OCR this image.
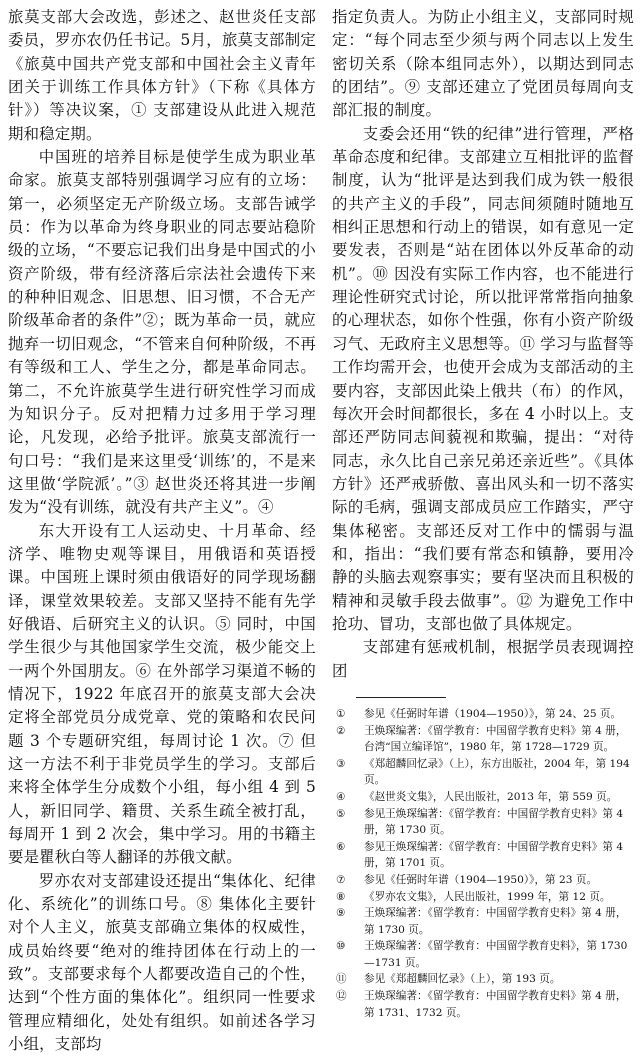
旅莫支部大会改选，彭述之、赵世炎任支部委员，罗亦农仍任书记。5月，旅莫支部制定《旅莫中国共产党支部和中国社会主义青年团关于训练工作具体方针》（下称《具体方针》）等决议案，① 支部建设从此进入规范期和稳定期。

中国班的培养目标是使学生成为职业革命家。旅莫支部特别强调学习应有的立场：第一，必须坚定无产阶级立场。支部告诫学员：作为以革命为终身职业的同志要站稳阶级的立场，“不要忘记我们出身是中国式的小资产阶级，带有经济落后宗法社会遗传下来的种种旧观念、旧思想、旧习惯，不合无产阶级革命者的条件”②；既为革命一员，就应抛弃一切旧观念，“不管来自何种阶级，不再有等级和工人、学生之分，都是革命同志。第二，不允许旅莫学生进行研究性学习而成为知识分子。反对把精力过多用于学习理论，凡发现，必给予批评。旅莫支部流行一句口号：“我们是来这里受‘训练’的，不是来这里做‘学院派’。”③ 赵世炎还将其进一步阐发为“没有训练，就没有共产主义”。④

东大开设有工人运动史、十月革命、经济学、唯物史观等课目，用俄语和英语授课。中国班上课时须由俄语好的同学现场翻译，课堂效果较差。支部又坚持不能有先学好俄语、后研究主义的认识。⑤ 同时，中国学生很少与其他国家学生交流，极少能交上一两个外国朋友。⑥ 在外部学习渠道不畅的情况下，1922 年底召开的旅莫支部大会决定将全部党员分成党章、党的策略和农民问题 3 个专题研究组，每周讨论 1 次。⑦ 但这一方法不利于非党员学生的学习。支部后来将全体学生分成数个小组，每小组 4 到 5 人，新旧同学、籍贯、关系生疏全被打乱，每周开 1 到 2 次会，集中学习。用的书籍主要是瞿秋白等人翻译的苏俄文献。

罗亦农对支部建设还提出“集体化、纪律化、系统化”的训练口号。⑧ 集体化主要针对个人主义，旅莫支部确立集体的权威性，成员始终要“绝对的维持团体在行动上的一致”。支部要求每个人都要改造自己的个性，达到“个性方面的集体化”。组织同一性要求管理应精细化，处处有组织。如前述各学习小组，支部均

指定负责人。为防止小组主义，支部同时规定：“每个同志至少须与两个同志以上发生密切关系（除本组同志外），以期达到同志的团结”。⑨ 支部还建立了党团员每周向支部汇报的制度。

支委会还用“铁的纪律”进行管理，严格革命态度和纪律。支部建立互相批评的监督制度，认为“批评是达到我们成为铁一般很的共产主义的手段”，同志间须随时随地互相纠正思想和行动上的错误，如有意见一定要发表，否则是“站在团体以外反革命的动机”。⑩ 因没有实际工作内容，也不能进行理论性研究式讨论，所以批评常常指向抽象的心理状态，如你个性强，你有小资产阶级习气、无政府主义思想等。⑪ 学习与监督等工作均需开会，也使开会成为支部活动的主要内容，支部因此染上俄共（布）的作风，每次开会时间都很长，多在 4 小时以上。支部还严防同志间藐视和欺骗，提出：“对待同志，永久比自己亲兄弟还亲近些”。《具体方针》还严戒骄傲、喜出风头和一切不落实际的毛病，强调支部成员应工作踏实，严守集体秘密。支部还反对工作中的懦弱与温和，指出：“我们要有常态和镇静，要用冷静的头脑去观察事实；要有坚决而且积极的精神和灵敏手段去做事”。⑫ 为避免工作中抢功、冒功，支部也做了具体规定。

支部建有惩戒机制，根据学员表现调控团

① 参见《任弼时年谱（1904—1950）》，第 24、25 页。
② 王焕琛编著：《留学教育：中国留学教育史料》第 4 册，台湾“国立编译馆”，1980 年，第 1728—1729 页。
③ 《郑超麟回忆录》（上），东方出版社，2004 年，第 194 页。
④ 《赵世炎文集》，人民出版社，2013 年，第 559 页。
⑤ 参见王焕琛编著：《留学教育：中国留学教育史料》第 4 册，第 1730 页。
⑥ 参见王焕琛编著：《留学教育：中国留学教育史料》第 4 册，第 1701 页。
⑦ 参见《任弼时年谱（1904—1950）》，第 23 页。
⑧ 《罗亦农文集》，人民出版社，1999 年，第 12 页。
⑨ 王焕琛编著：《留学教育：中国留学教育史料》第 4 册，第 1730 页。
⑩ 王焕琛编著：《留学教育：中国留学教育史料》，第 1730—1731 页。
⑪ 参见《郑超麟回忆录》（上），第 193 页。
⑫ 王焕琛编著：《留学教育：中国留学教育史料》第 4 册，第 1731、1732 页。
